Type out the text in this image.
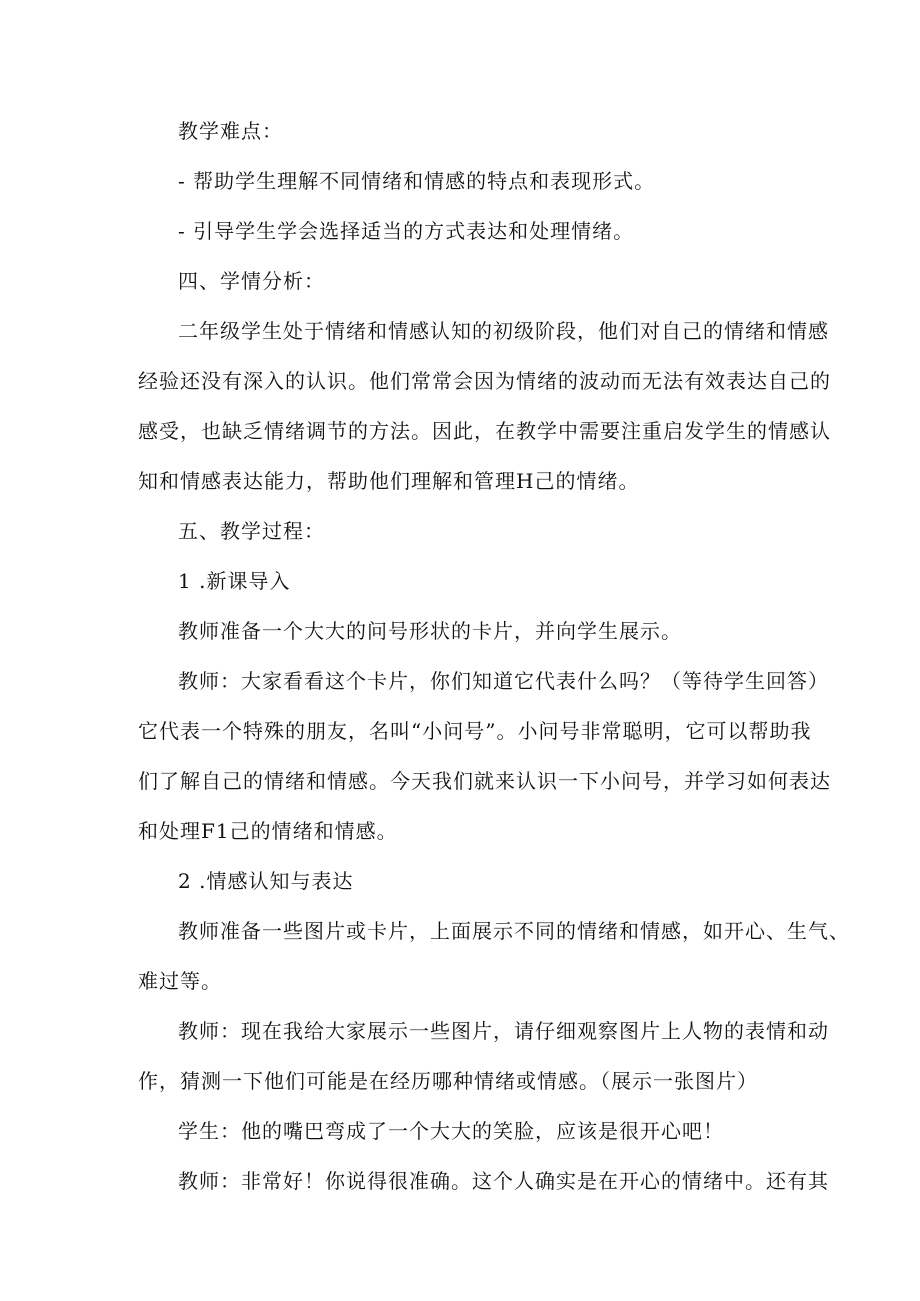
教学难点：
- 帮助学生理解不同情绪和情感的特点和表现形式。
- 引导学生学会选择适当的方式表达和处理情绪。
四、学情分析：
二年级学生处于情绪和情感认知的初级阶段，他们对自己的情绪和情感
经验还没有深入的认识。他们常常会因为情绪的波动而无法有效表达自己的
感受，也缺乏情绪调节的方法。因此，在教学中需要注重启发学生的情感认
知和情感表达能力，帮助他们理解和管理H己的情绪。
五、教学过程：
1 .新课导入
教师准备一个大大的问号形状的卡片，并向学生展示。
教师：大家看看这个卡片，你们知道它代表什么吗？（等待学生回答）
它代表一个特殊的朋友，名叫“小问号”。小问号非常聪明，它可以帮助我
们了解自己的情绪和情感。今天我们就来认识一下小问号，并学习如何表达
和处理F1己的情绪和情感。
2 .情感认知与表达
教师准备一些图片或卡片，上面展示不同的情绪和情感，如开心、生气、
难过等。
教师：现在我给大家展示一些图片，请仔细观察图片上人物的表情和动
作，猜测一下他们可能是在经历哪种情绪或情感。（展示一张图片）
学生：他的嘴巴弯成了一个大大的笑脸，应该是很开心吧！
教师：非常好！你说得很准确。这个人确实是在开心的情绪中。还有其
